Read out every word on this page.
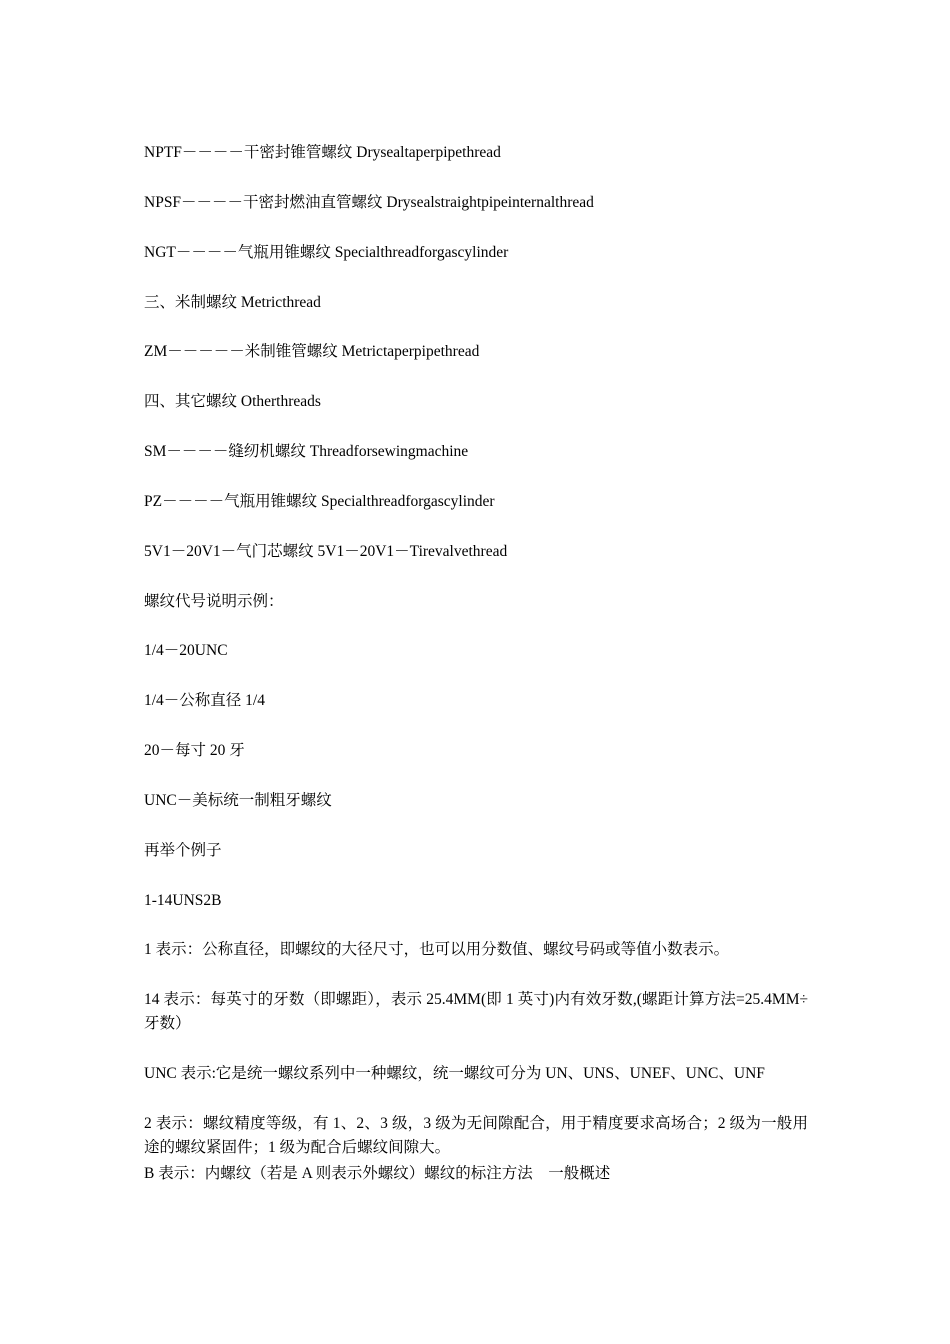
NPTF－－－－干密封锥管螺纹 Drysealtaperpipethread
NPSF－－－－干密封燃油直管螺纹 Drysealstraightpipeinternalthread
NGT－－－－气瓶用锥螺纹 Specialthreadforgascylinder
三、米制螺纹 Metricthread
ZM－－－－－米制锥管螺纹 Metrictaperpipethread
四、其它螺纹 Otherthreads
SM－－－－缝纫机螺纹 Threadforsewingmachine
PZ－－－－气瓶用锥螺纹 Specialthreadforgascylinder
5V1－20V1－气门芯螺纹 5V1－20V1－Tirevalvethread
螺纹代号说明示例：
1/4－20UNC
1/4－公称直径 1/4
20－每寸 20 牙
UNC－美标统一制粗牙螺纹
再举个例子
1-14UNS2B
1 表示：公称直径，即螺纹的大径尺寸，也可以用分数值、螺纹号码或等值小数表示。
14 表示：每英寸的牙数（即螺距），表示 25.4MM(即 1 英寸)内有效牙数,(螺距计算方法=25.4MM÷牙数）
UNC 表示:它是统一螺纹系列中一种螺纹，统一螺纹可分为 UN、UNS、UNEF、UNC、UNF
2 表示：螺纹精度等级，有 1、2、3 级，3 级为无间隙配合，用于精度要求高场合；2 级为一般用途的螺纹紧固件；1 级为配合后螺纹间隙大。
B 表示：内螺纹（若是 A 则表示外螺纹）螺纹的标注方法　一般概述
